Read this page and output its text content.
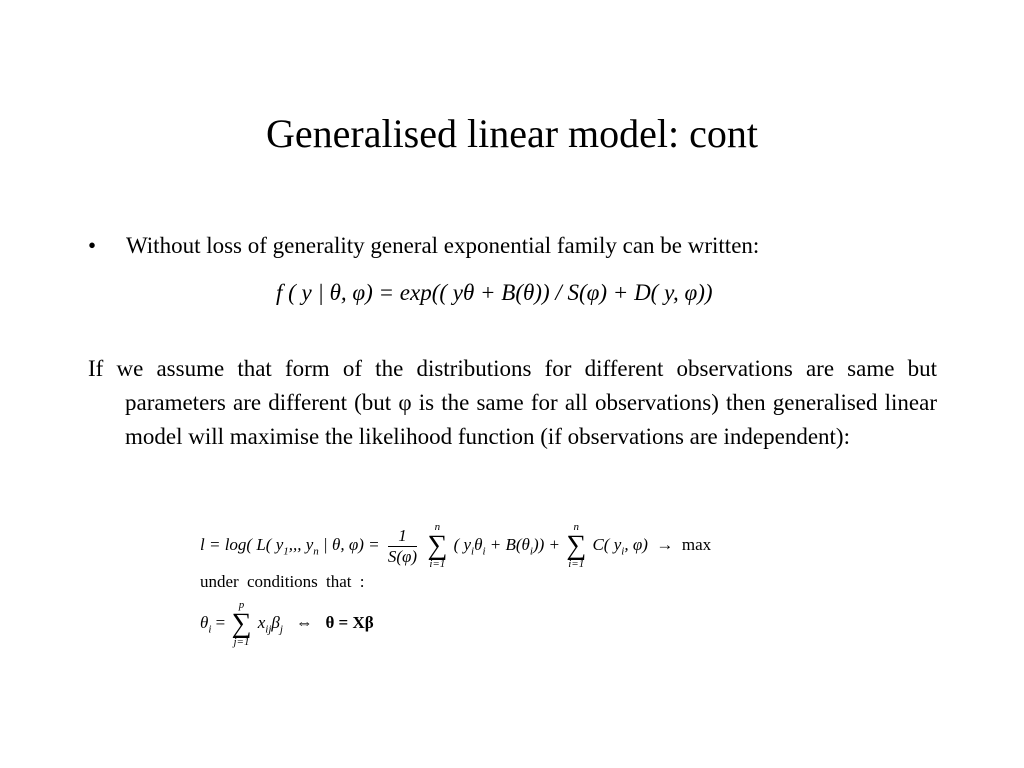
Generalised linear model: cont
• Without loss of generality general exponential family can be written:
f ( y | θ, φ) = exp(( yθ + B(θ)) / S(φ) + D( y, φ))
If we assume that form of the distributions for different observations are same but parameters are different (but φ is the same for all observations) then generalised linear model will maximise the likelihood function (if observations are independent):
l = log( L( $y_1$,,, $y_n$ | θ, $\varphi) = \frac{1}{S(\varphi)}$ n
∑
i=1 ( $y_i\theta_i + B(\theta_i)) + n$
∑
i=1 C( $y_i$, φ) → max
under conditions that :
$\theta_i = p$
∑
j=1 $x_{ij}\beta_j$ ⇔ θ = Xβ
